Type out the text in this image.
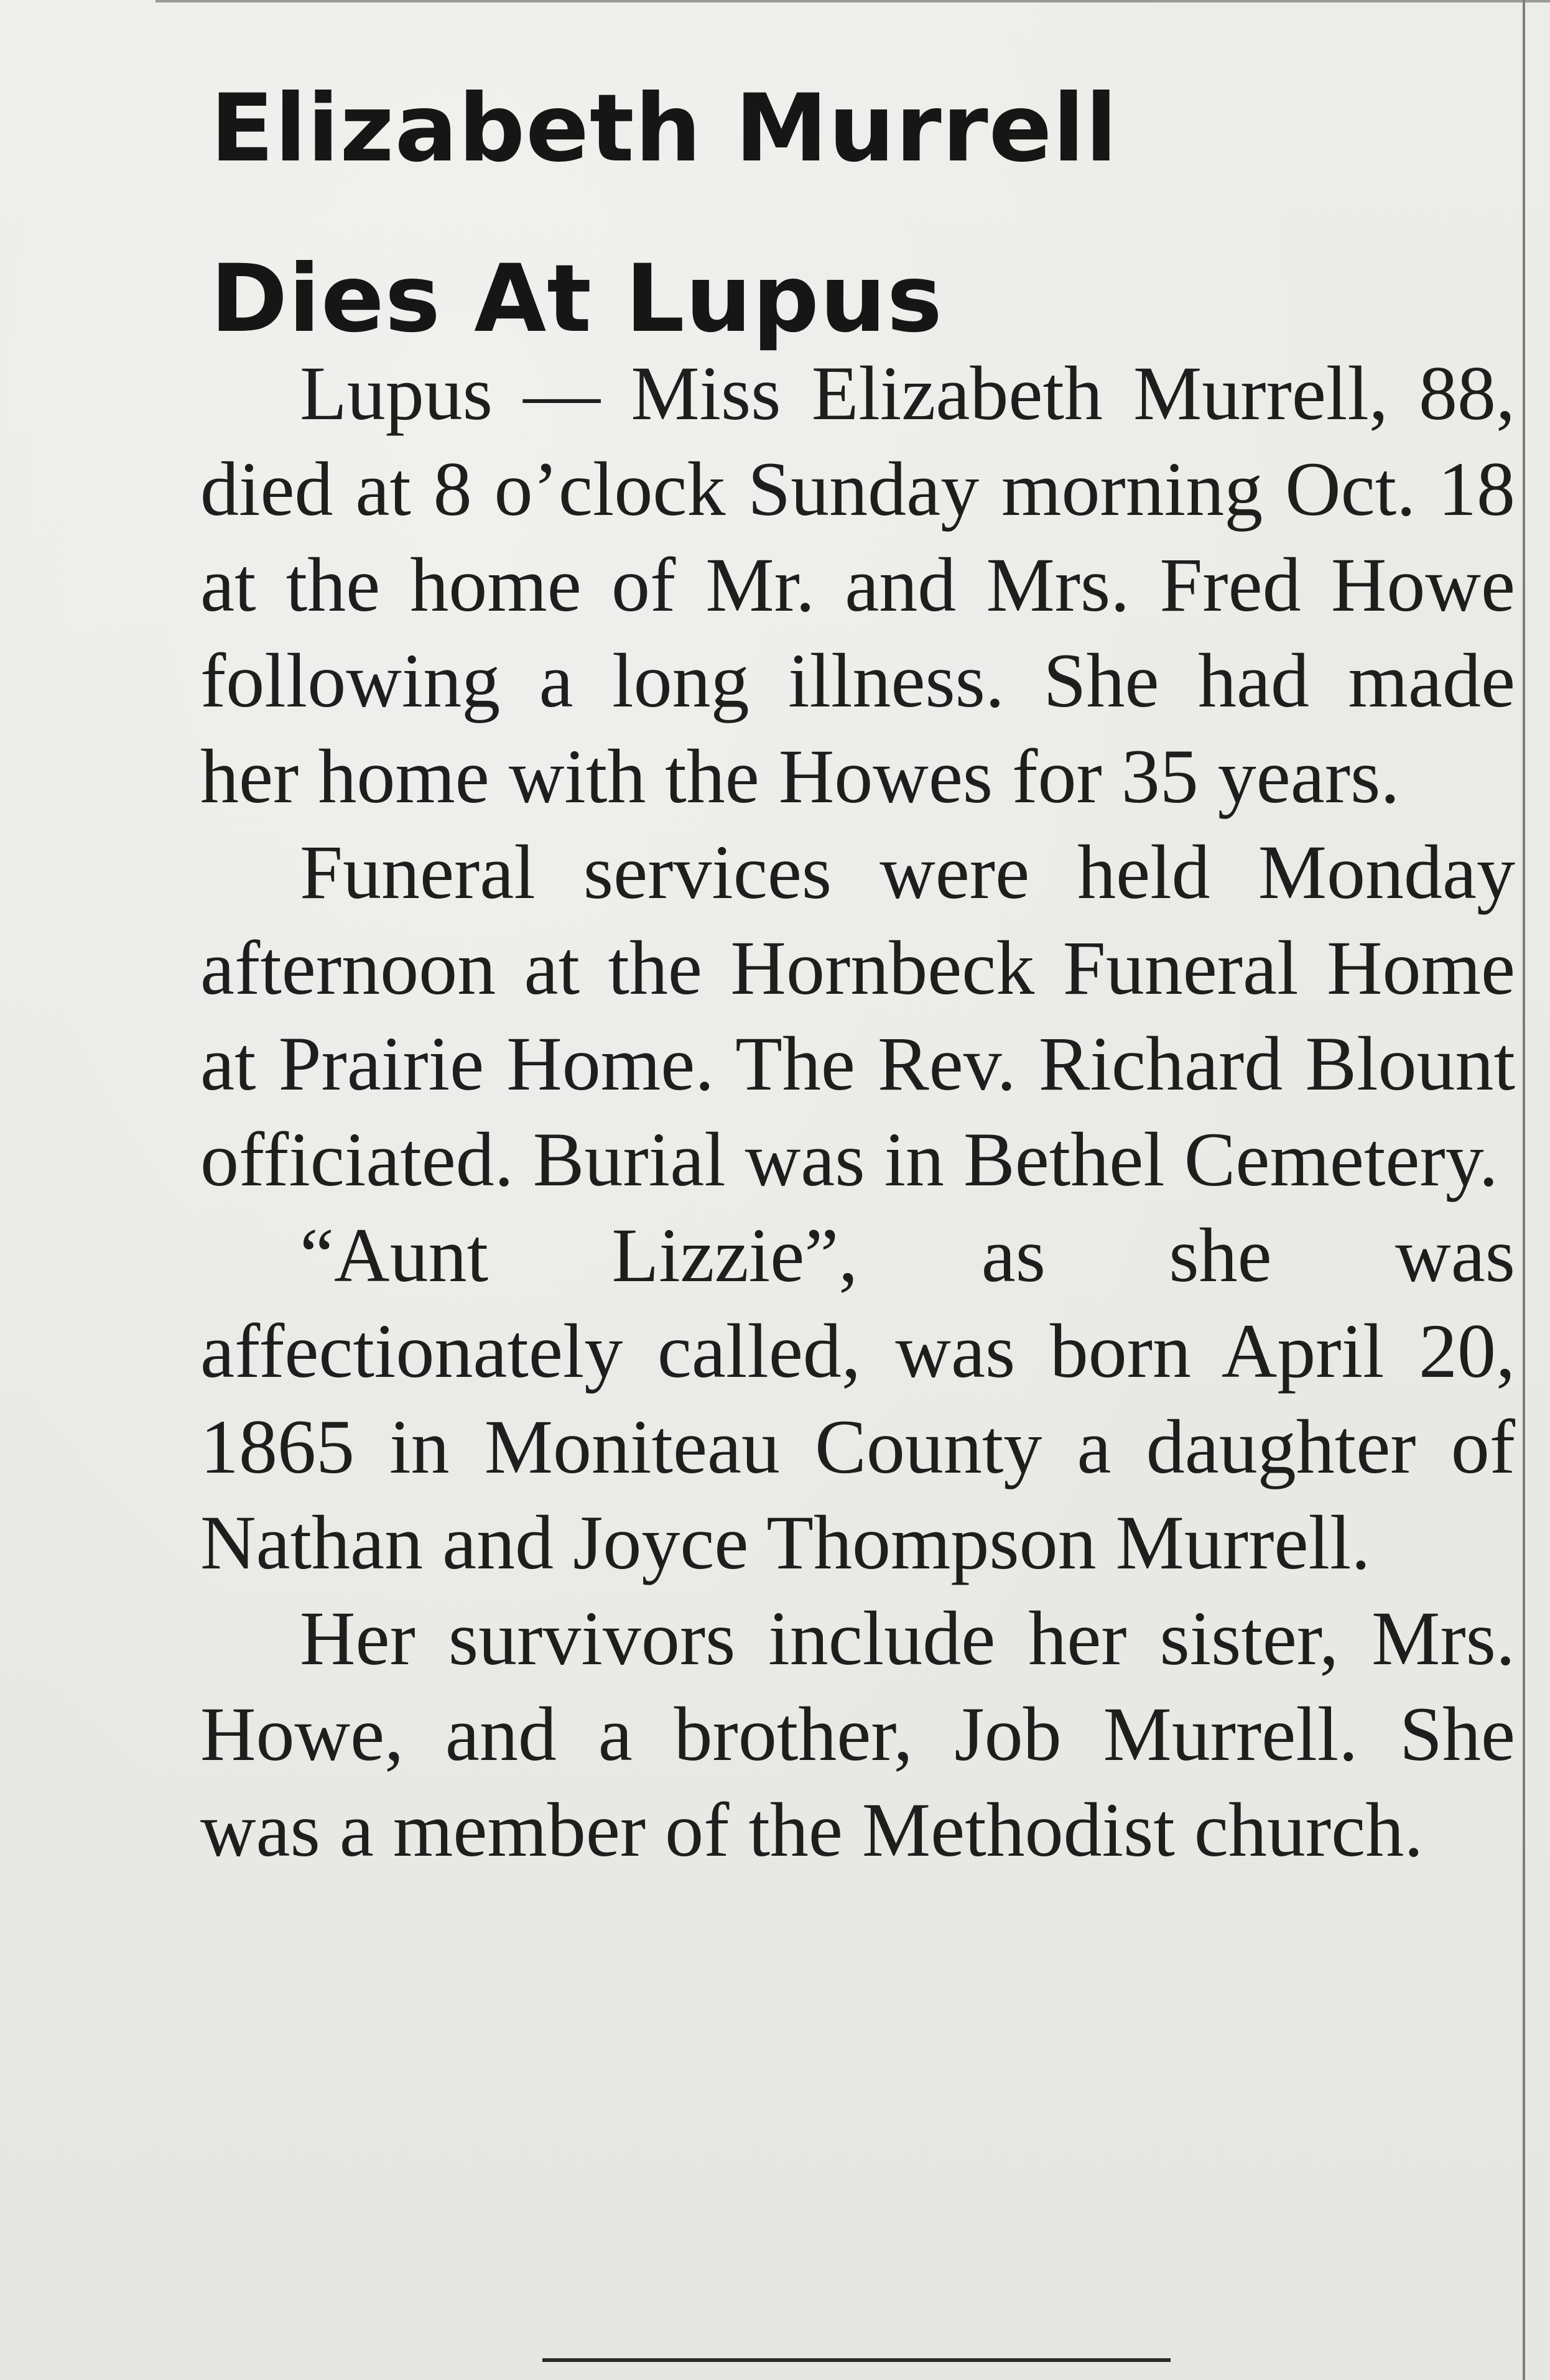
Elizabeth Murrell
Dies At Lupus

Lupus — Miss Elizabeth Murrell, 88, died at 8 o’clock Sunday morning Oct. 18 at the home of Mr. and Mrs. Fred Howe following a long illness. She had made her home with the Howes for 35 years.

Funeral services were held Monday afternoon at the Hornbeck Funeral Home at Prairie Home. The Rev. Richard Blount officiated. Burial was in Bethel Cemetery.

“Aunt Lizzie”, as she was affectionately called, was born April 20, 1865 in Moniteau County a daughter of Nathan and Joyce Thompson Murrell.

Her survivors include her sister, Mrs. Howe, and a brother, Job Murrell. She was a member of the Methodist church.
